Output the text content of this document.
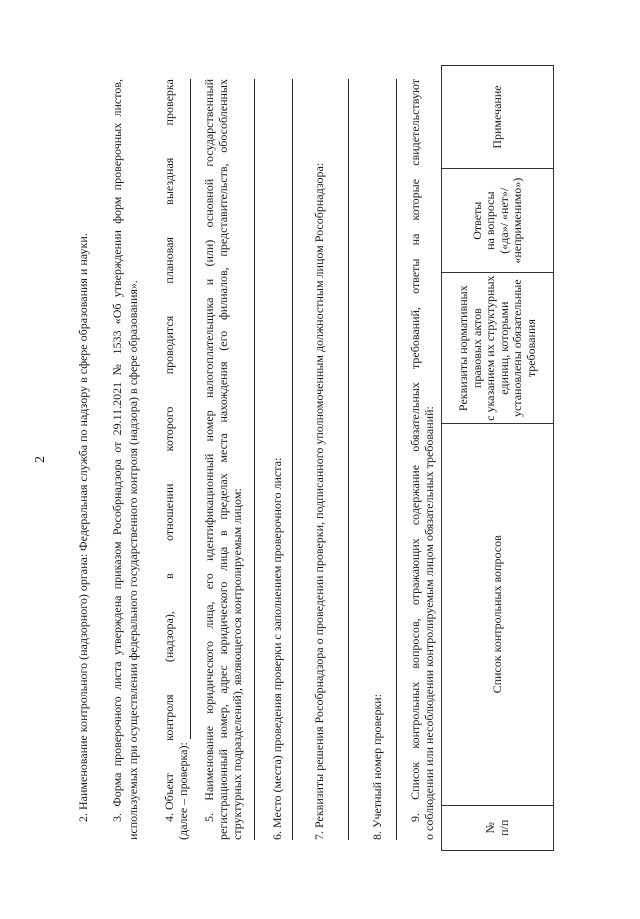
2 2. Наименование контрольного (надзорного) органа: Федеральная служба по надзору в сфере образования и науки. 3. Форма проверочного листа утверждена приказом Рособрнадзора от 29.11.2021 № 1533 «Об утверждении форм проверочных листов, используемых при осуществлении федерального государственного контроля (надзора) в сфере образования». 4. Объект
контроля
(надзора),
в
отношении
которого
проводится
плановая
выездная
проверка
(далее – проверка): 5. Наименование юридического лица, его идентификационный номер налогоплательщика и (или) основной государственный регистрационный номер, адрес юридического лица в пределах места нахождения (его филиалов, представительств, обособленных структурных подразделений), являющегося контролируемым лицом: 6. Место (места) проведения проверки с заполнением проверочного листа: 7. Реквизиты решения Рособрнадзора о проведении проверки, подписанного уполномоченным должностным лицом Рособрнадзора:	8. Учетный номер проверки: 9. Список контрольных вопросов, отражающих содержание обязательных требований, ответы на которые свидетельствуют о соблюдении или несоблюдении контролируемым лицом обязательных требований:	№
п/п	Список контрольных вопросов	Реквизиты нормативных
правовых актов
с указанием их структурных
единиц, которыми
установлены обязательные
требования	Ответы
на вопросы
(«да»/ «нет»/
«неприменимо»)	Примечание
